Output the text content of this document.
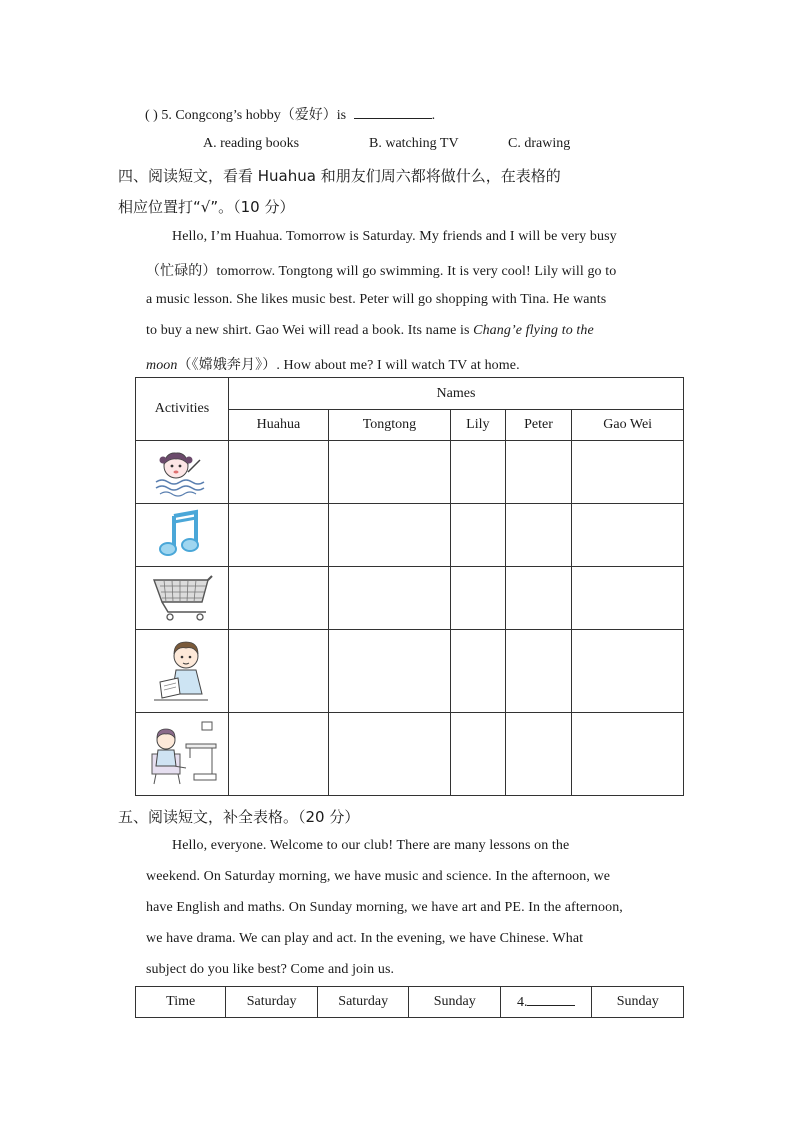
( ) 5. Congcong’s hobby（爱好）is	.
A. reading books	B. watching TV	C. drawing
四、阅读短文，看看 Huahua 和朋友们周六都将做什么，在表格的
相应位置打“√”。（10 分）
Hello, I’m Huahua. Tomorrow is Saturday. My friends and I will be very busy
（忙碌的）tomorrow. Tongtong will go swimming. It is very cool! Lily will go to
a music lesson. She likes music best. Peter will go shopping with Tina. He wants
to buy a new shirt. Gao Wei will read a book. Its name is Chang’e flying to the
moon（《嫦娥奔月》）. How about me? I will watch TV at home.
Activities	Names				
	Huahua	Tongtong	Lily	Peter	Gao Wei

五、阅读短文，补全表格。（20 分）
Hello, everyone. Welcome to our club! There are many lessons on the
weekend. On Saturday morning, we have music and science. In the afternoon, we
have English and maths. On Sunday morning, we have art and PE. In the afternoon,
we have drama. We can play and act. In the evening, we have Chinese. What
subject do you like best? Come and join us.
Time	Saturday	Saturday	Sunday	4.	Sunday
